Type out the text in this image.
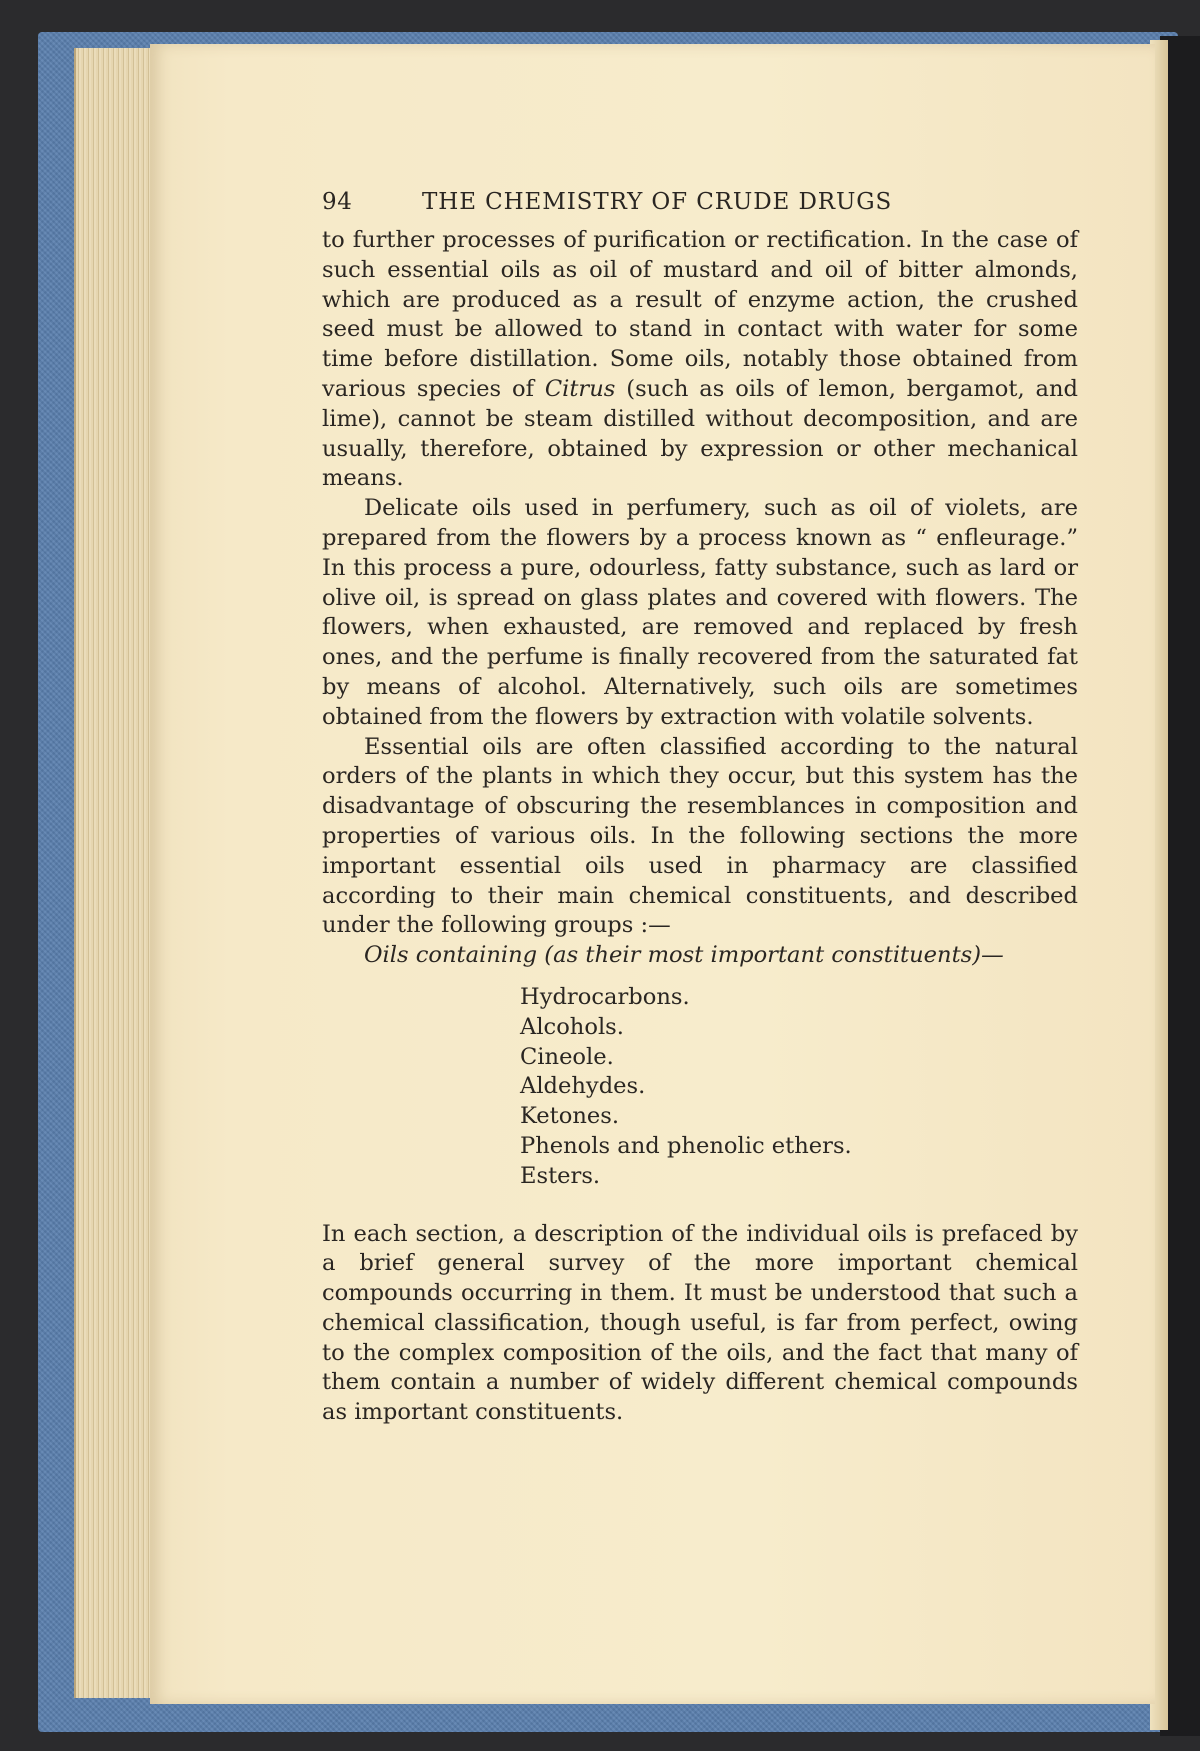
94	THE CHEMISTRY OF CRUDE DRUGS

to further processes of purification or rectification. In the case of such essential oils as oil of mustard and oil of bitter almonds, which are produced as a result of enzyme action, the crushed seed must be allowed to stand in contact with water for some time before distillation. Some oils, notably those obtained from various species of Citrus (such as oils of lemon, bergamot, and lime), cannot be steam distilled without decomposition, and are usually, therefore, obtained by expression or other mechanical means.

Delicate oils used in perfumery, such as oil of violets, are prepared from the flowers by a process known as “ enfleurage.” In this process a pure, odourless, fatty substance, such as lard or olive oil, is spread on glass plates and covered with flowers. The flowers, when exhausted, are removed and replaced by fresh ones, and the perfume is finally recovered from the saturated fat by means of alcohol. Alternatively, such oils are sometimes obtained from the flowers by extraction with volatile solvents.

Essential oils are often classified according to the natural orders of the plants in which they occur, but this system has the disadvantage of obscuring the resemblances in composition and properties of various oils. In the following sections the more important essential oils used in pharmacy are classified according to their main chemical constituents, and described under the following groups :—

Oils containing (as their most important constituents)—

Hydrocarbons.
Alcohols.
Cineole.
Aldehydes.
Ketones.
Phenols and phenolic ethers.
Esters.

In each section, a description of the individual oils is prefaced by a brief general survey of the more important chemical compounds occurring in them. It must be understood that such a chemical classification, though useful, is far from perfect, owing to the complex composition of the oils, and the fact that many of them contain a number of widely different chemical compounds as important constituents.
